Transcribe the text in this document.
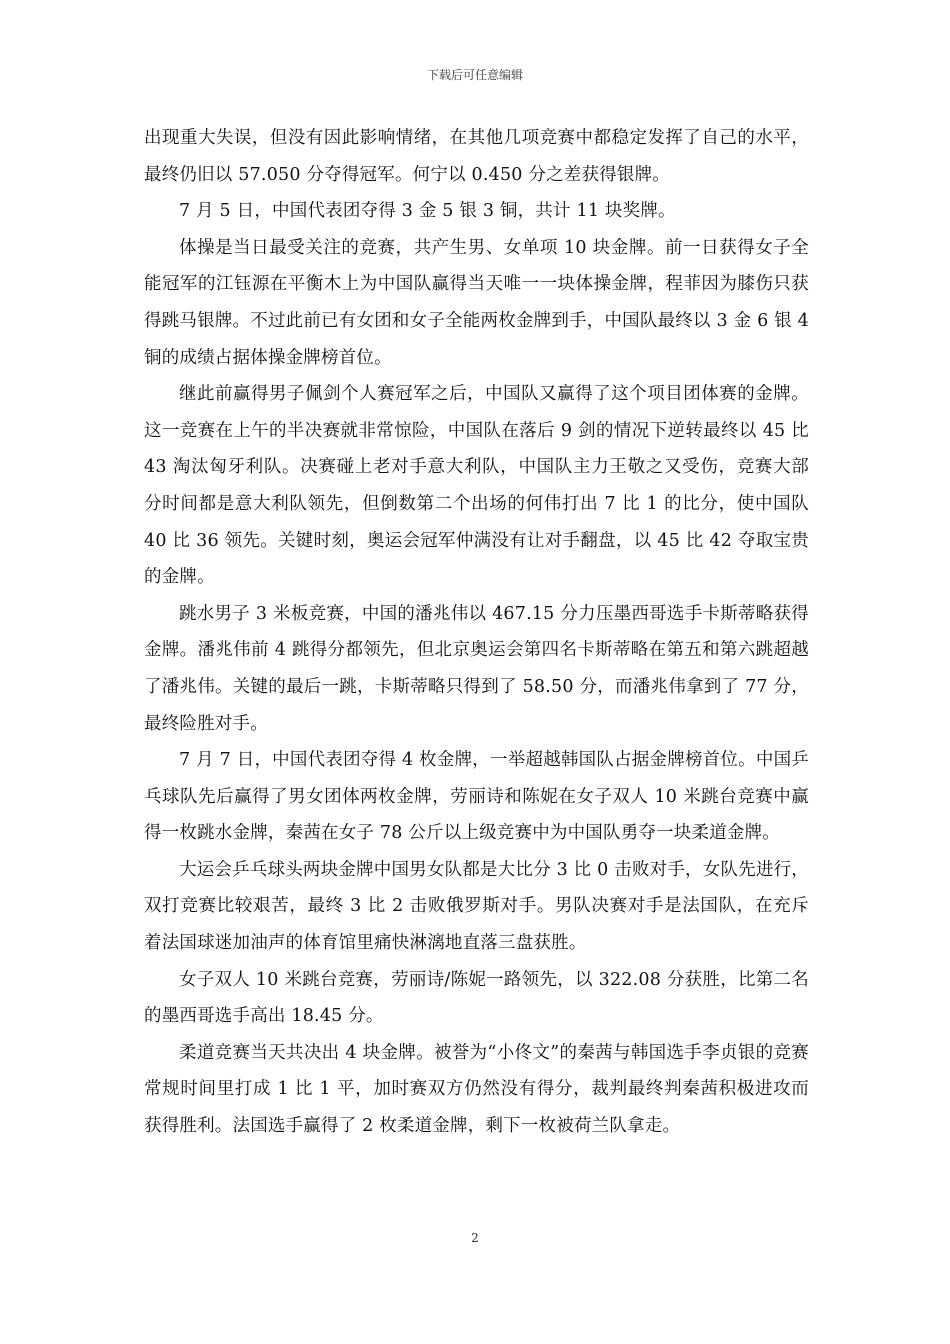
下载后可任意编辑

出现重大失误，但没有因此影响情绪，在其他几项竞赛中都稳定发挥了自己的水平，最终仍旧以 57.050 分夺得冠军。何宁以 0.450 分之差获得银牌。

7 月 5 日，中国代表团夺得 3 金 5 银 3 铜，共计 11 块奖牌。

体操是当日最受关注的竞赛，共产生男、女单项 10 块金牌。前一日获得女子全能冠军的江钰源在平衡木上为中国队赢得当天唯一一块体操金牌，程菲因为膝伤只获得跳马银牌。不过此前已有女团和女子全能两枚金牌到手，中国队最终以 3 金 6 银 4 铜的成绩占据体操金牌榜首位。

继此前赢得男子佩剑个人赛冠军之后，中国队又赢得了这个项目团体赛的金牌。这一竞赛在上午的半决赛就非常惊险，中国队在落后 9 剑的情况下逆转最终以 45 比 43 淘汰匈牙利队。决赛碰上老对手意大利队，中国队主力王敬之又受伤，竞赛大部分时间都是意大利队领先，但倒数第二个出场的何伟打出 7 比 1 的比分，使中国队 40 比 36 领先。关键时刻，奥运会冠军仲满没有让对手翻盘，以 45 比 42 夺取宝贵的金牌。

跳水男子 3 米板竞赛，中国的潘兆伟以 467.15 分力压墨西哥选手卡斯蒂略获得金牌。潘兆伟前 4 跳得分都领先，但北京奥运会第四名卡斯蒂略在第五和第六跳超越了潘兆伟。关键的最后一跳，卡斯蒂略只得到了 58.50 分，而潘兆伟拿到了 77 分，最终险胜对手。

7 月 7 日，中国代表团夺得 4 枚金牌，一举超越韩国队占据金牌榜首位。中国乒乓球队先后赢得了男女团体两枚金牌，劳丽诗和陈妮在女子双人 10 米跳台竞赛中赢得一枚跳水金牌，秦茜在女子 78 公斤以上级竞赛中为中国队勇夺一块柔道金牌。

大运会乒乓球头两块金牌中国男女队都是大比分 3 比 0 击败对手，女队先进行，双打竞赛比较艰苦，最终 3 比 2 击败俄罗斯对手。男队决赛对手是法国队，在充斥着法国球迷加油声的体育馆里痛快淋漓地直落三盘获胜。

女子双人 10 米跳台竞赛，劳丽诗/陈妮一路领先，以 322.08 分获胜，比第二名的墨西哥选手高出 18.45 分。

柔道竞赛当天共决出 4 块金牌。被誉为“小佟文”的秦茜与韩国选手李贞银的竞赛常规时间里打成 1 比 1 平，加时赛双方仍然没有得分，裁判最终判秦茜积极进攻而获得胜利。法国选手赢得了 2 枚柔道金牌，剩下一枚被荷兰队拿走。

2
